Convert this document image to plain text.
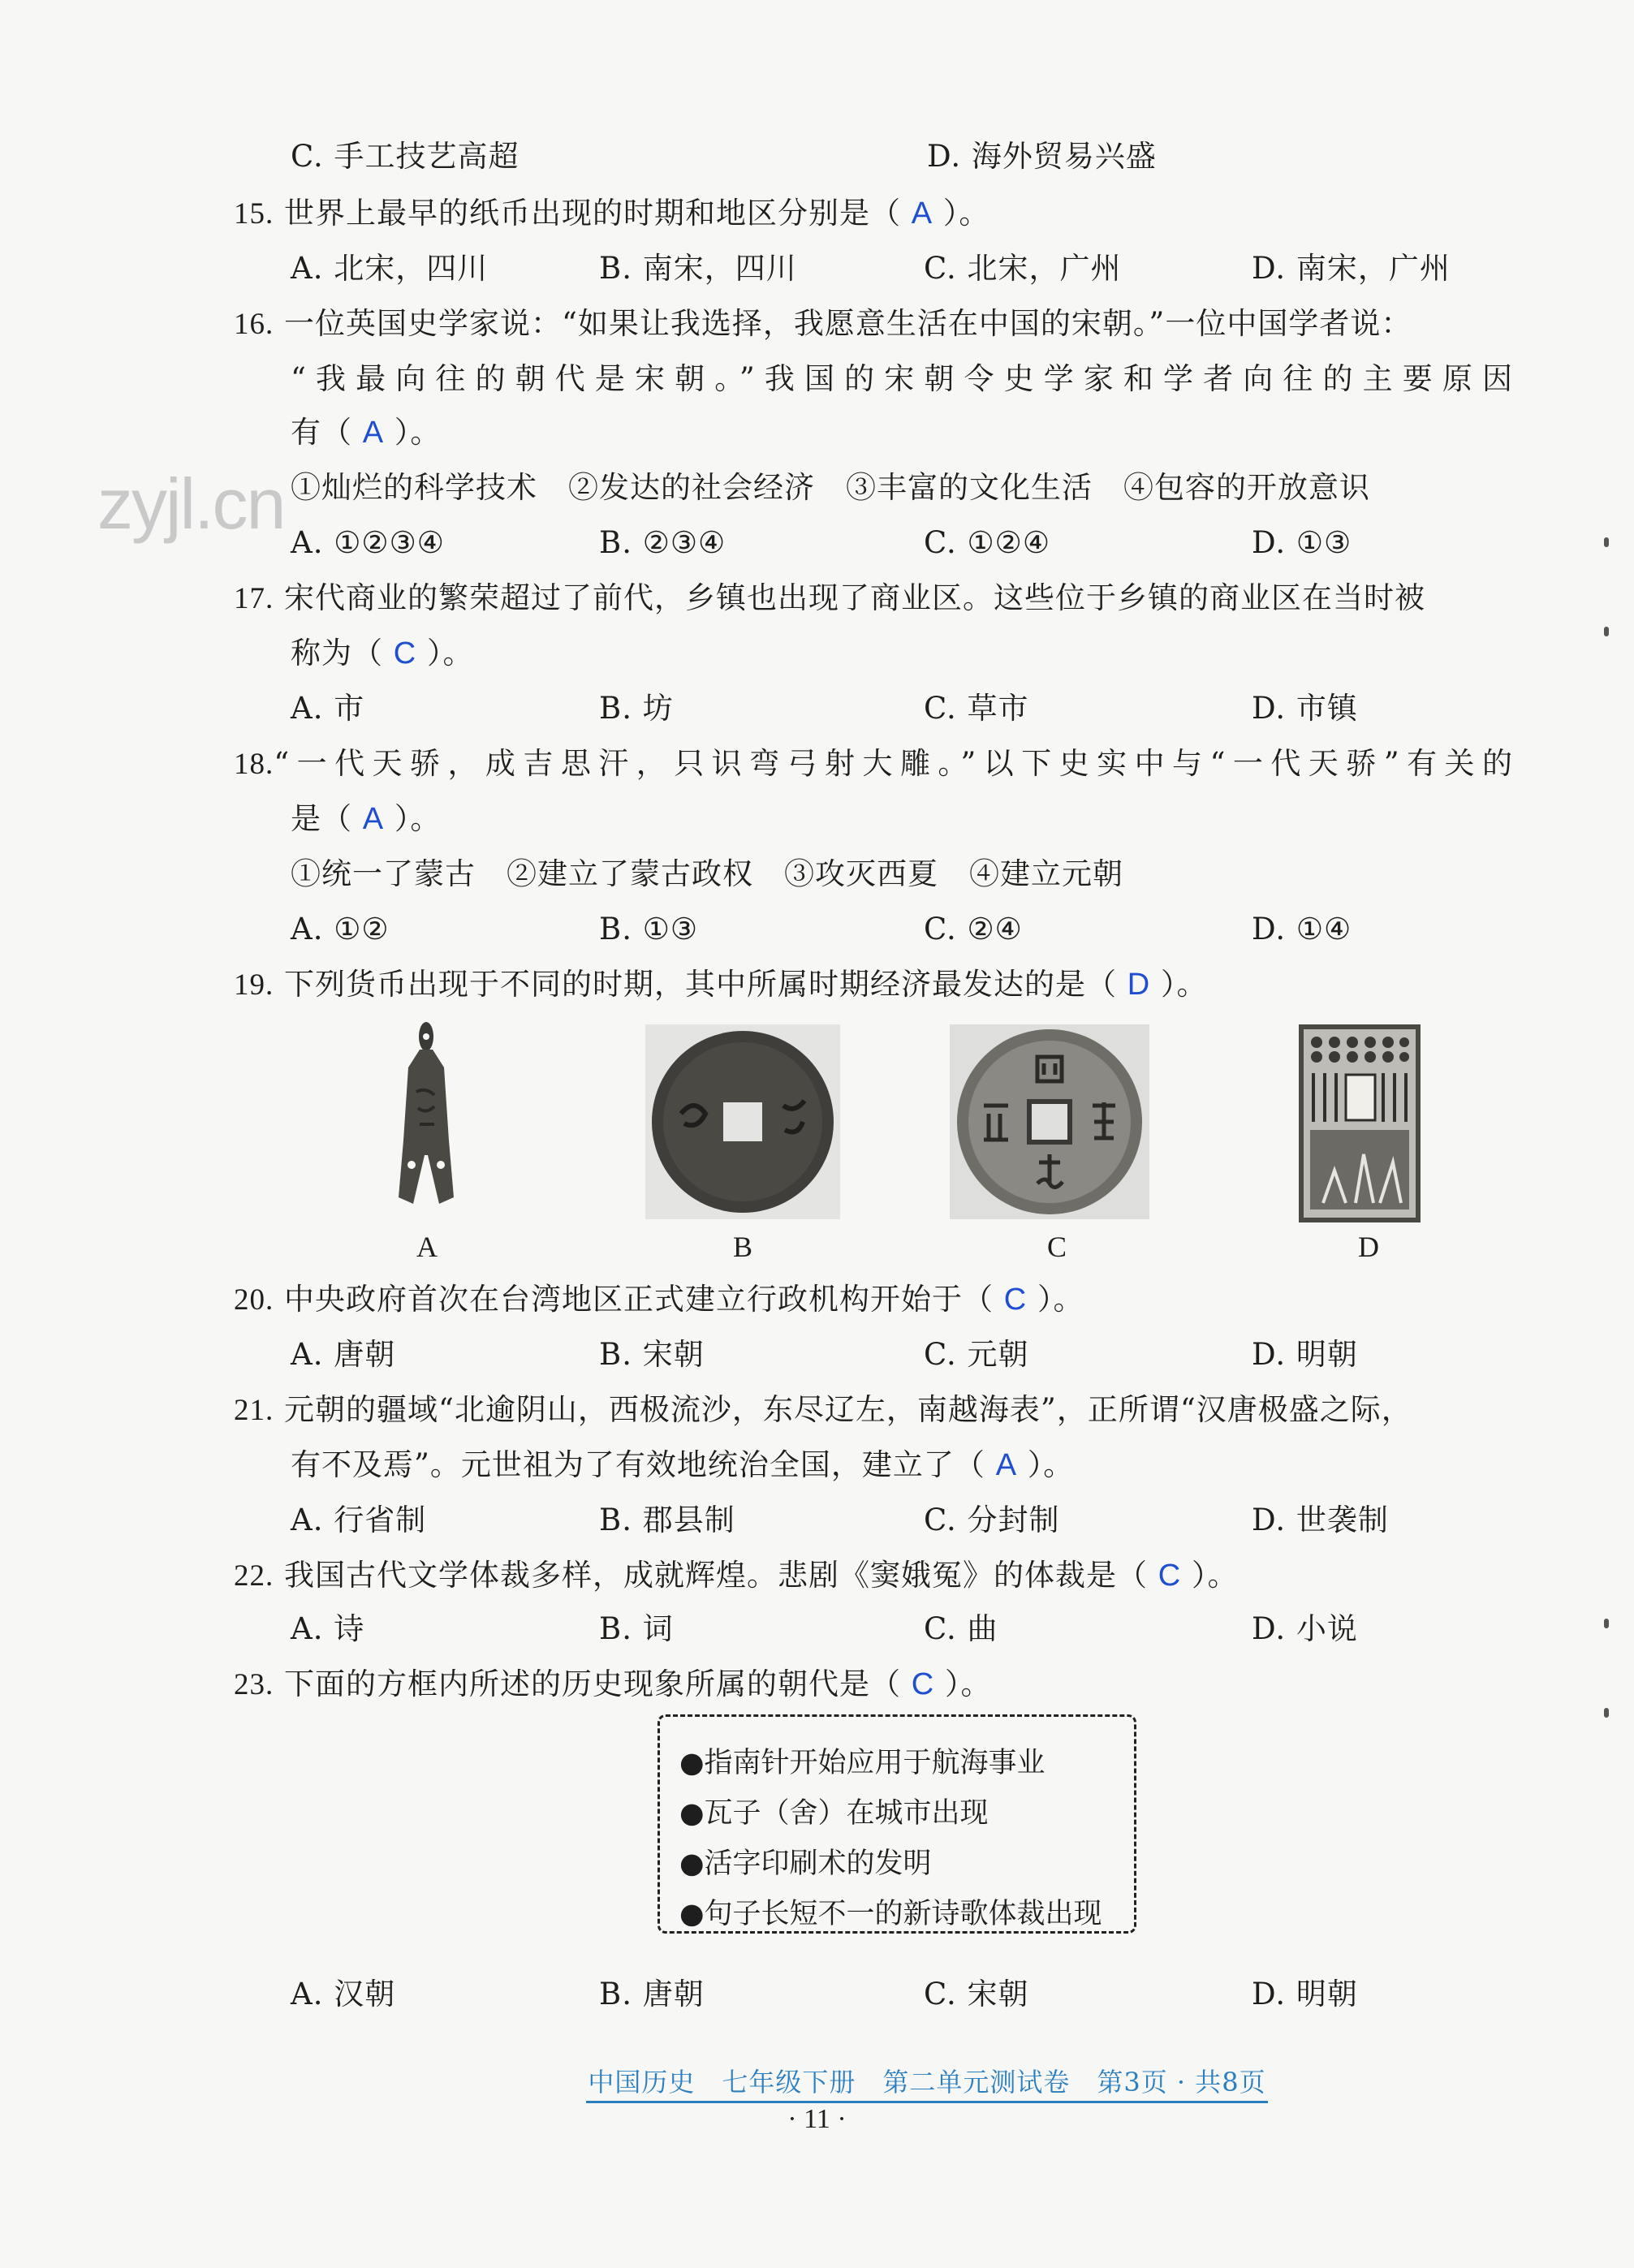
zyjl.cn
C. 手工技艺高超	D. 海外贸易兴盛
15. 世界上最早的纸币出现的时期和地区分别是（ A ）。
A. 北宋，四川	B. 南宋，四川	C. 北宋，广州	D. 南宋，广州
16. 一位英国史学家说：“如果让我选择，我愿意生活在中国的宋朝。”一位中国学者说：
“我最向往的朝代是宋朝。”我国的宋朝令史学家和学者向往的主要原因
有（ A ）。
①灿烂的科学技术　②发达的社会经济　③丰富的文化生活　④包容的开放意识
A. ①②③④	B. ②③④	C. ①②④	D. ①③
17. 宋代商业的繁荣超过了前代，乡镇也出现了商业区。这些位于乡镇的商业区在当时被
称为（ C ）。
A. 市	B. 坊	C. 草市	D. 市镇
18.“一代天骄，成吉思汗，只识弯弓射大雕。”以下史实中与“一代天骄”有关的
是（ A ）。
①统一了蒙古　②建立了蒙古政权　③攻灭西夏　④建立元朝
A. ①②	B. ①③	C. ②④	D. ①④
19. 下列货币出现于不同的时期，其中所属时期经济最发达的是（ D ）。
A	B	C	D
20. 中央政府首次在台湾地区正式建立行政机构开始于（ C ）。
A. 唐朝	B. 宋朝	C. 元朝	D. 明朝
21. 元朝的疆域“北逾阴山，西极流沙，东尽辽左，南越海表”，正所谓“汉唐极盛之际，
有不及焉”。元世祖为了有效地统治全国，建立了（ A ）。
A. 行省制	B. 郡县制	C. 分封制	D. 世袭制
22. 我国古代文学体裁多样，成就辉煌。悲剧《窦娥冤》的体裁是（ C ）。
A. 诗	B. 词	C. 曲	D. 小说
23. 下面的方框内所述的历史现象所属的朝代是（ C ）。
●指南针开始应用于航海事业
●瓦子（舍）在城市出现
●活字印刷术的发明
●句子长短不一的新诗歌体裁出现
A. 汉朝	B. 唐朝	C. 宋朝	D. 明朝
中国历史　七年级下册　第二单元测试卷　第3页 · 共8页
· 11 ·
